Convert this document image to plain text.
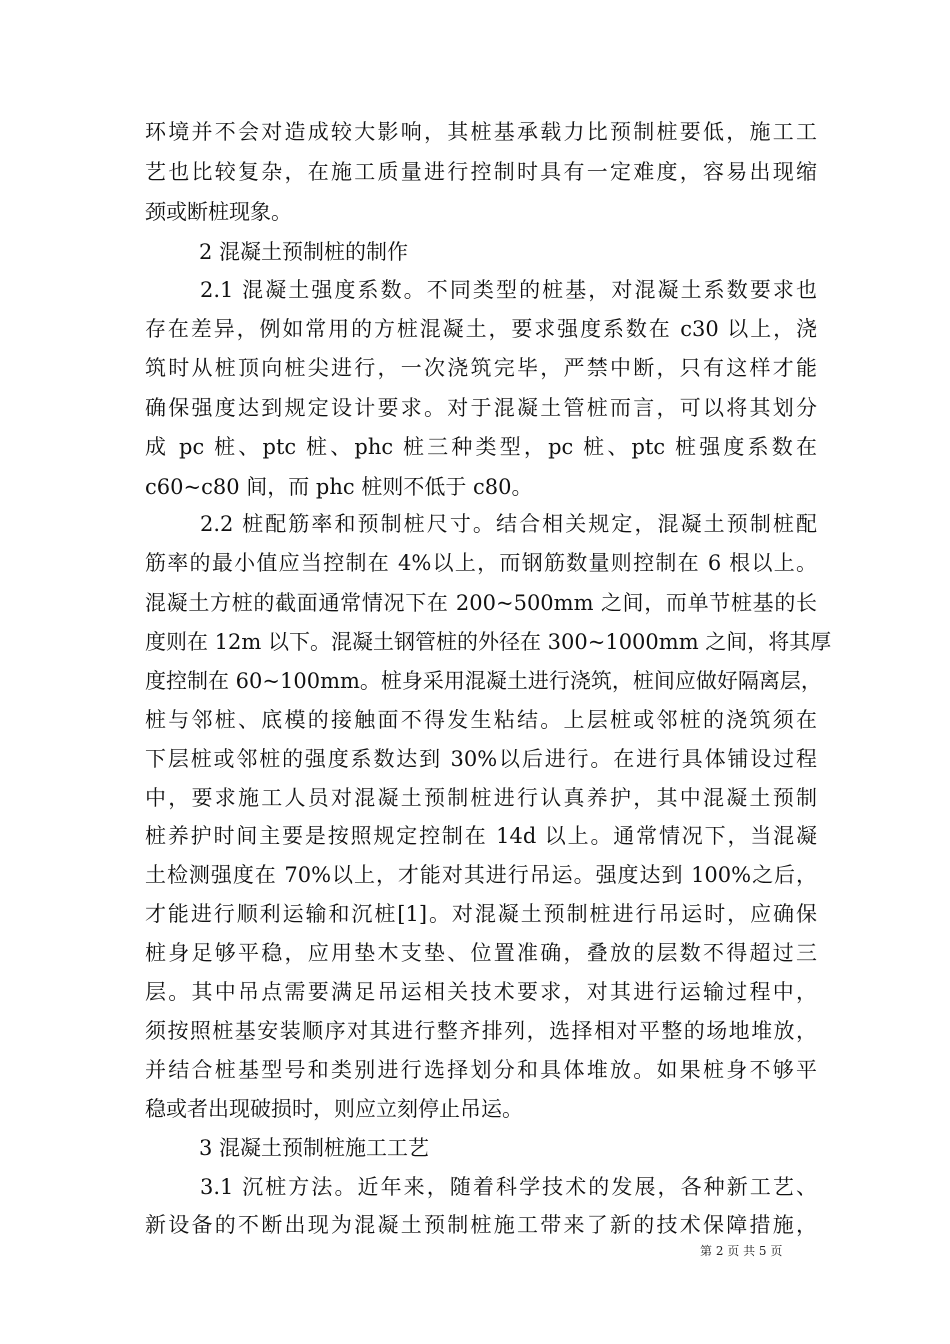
环境并不会对造成较大影响，其桩基承载力比预制桩要低，施工工
艺也比较复杂，在施工质量进行控制时具有一定难度，容易出现缩
颈或断桩现象。
2 混凝土预制桩的制作
2.1 混凝土强度系数。不同类型的桩基，对混凝土系数要求也
存在差异，例如常用的方桩混凝土，要求强度系数在 c30 以上，浇
筑时从桩顶向桩尖进行，一次浇筑完毕，严禁中断，只有这样才能
确保强度达到规定设计要求。对于混凝土管桩而言，可以将其划分
成 pc 桩、ptc 桩、phc 桩三种类型，pc 桩、ptc 桩强度系数在
c60~c80 间，而 phc 桩则不低于 c80。
2.2 桩配筋率和预制桩尺寸。结合相关规定，混凝土预制桩配
筋率的最小值应当控制在 4%以上，而钢筋数量则控制在 6 根以上。
混凝土方桩的截面通常情况下在 200~500mm 之间，而单节桩基的长
度则在 12m 以下。混凝土钢管桩的外径在 300~1000mm 之间，将其厚
度控制在 60~100mm。桩身采用混凝土进行浇筑，桩间应做好隔离层，
桩与邻桩、底模的接触面不得发生粘结。上层桩或邻桩的浇筑须在
下层桩或邻桩的强度系数达到 30%以后进行。在进行具体铺设过程
中，要求施工人员对混凝土预制桩进行认真养护，其中混凝土预制
桩养护时间主要是按照规定控制在 14d 以上。通常情况下，当混凝
土检测强度在 70%以上，才能对其进行吊运。强度达到 100%之后，
才能进行顺利运输和沉桩[1]。对混凝土预制桩进行吊运时，应确保
桩身足够平稳，应用垫木支垫、位置准确，叠放的层数不得超过三
层。其中吊点需要满足吊运相关技术要求，对其进行运输过程中，
须按照桩基安装顺序对其进行整齐排列，选择相对平整的场地堆放，
并结合桩基型号和类别进行选择划分和具体堆放。如果桩身不够平
稳或者出现破损时，则应立刻停止吊运。
3 混凝土预制桩施工工艺
3.1 沉桩方法。近年来，随着科学技术的发展，各种新工艺、
新设备的不断出现为混凝土预制桩施工带来了新的技术保障措施，
第 2 页 共 5 页
